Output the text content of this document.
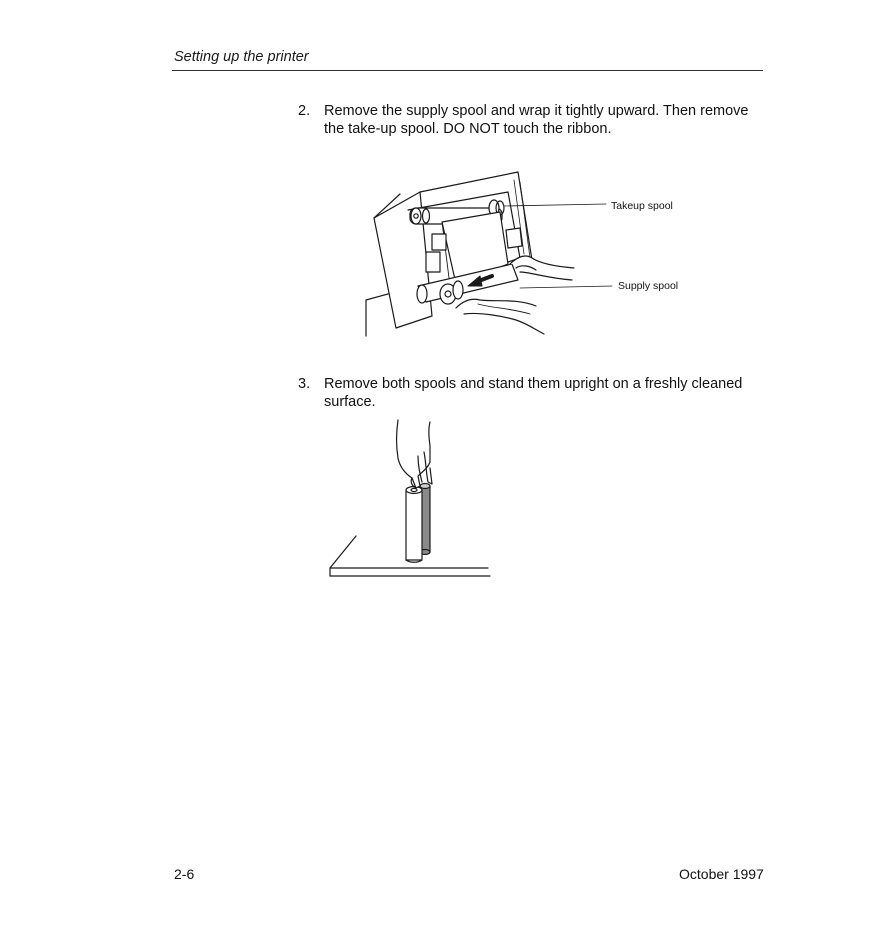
Setting up the printer
2. Remove the supply spool and wrap it tightly upward. Then remove the take-up spool. DO NOT touch the ribbon.
Takeup spool
Supply spool
3. Remove both spools and stand them upright on a freshly cleaned surface.
2-6	October 1997
